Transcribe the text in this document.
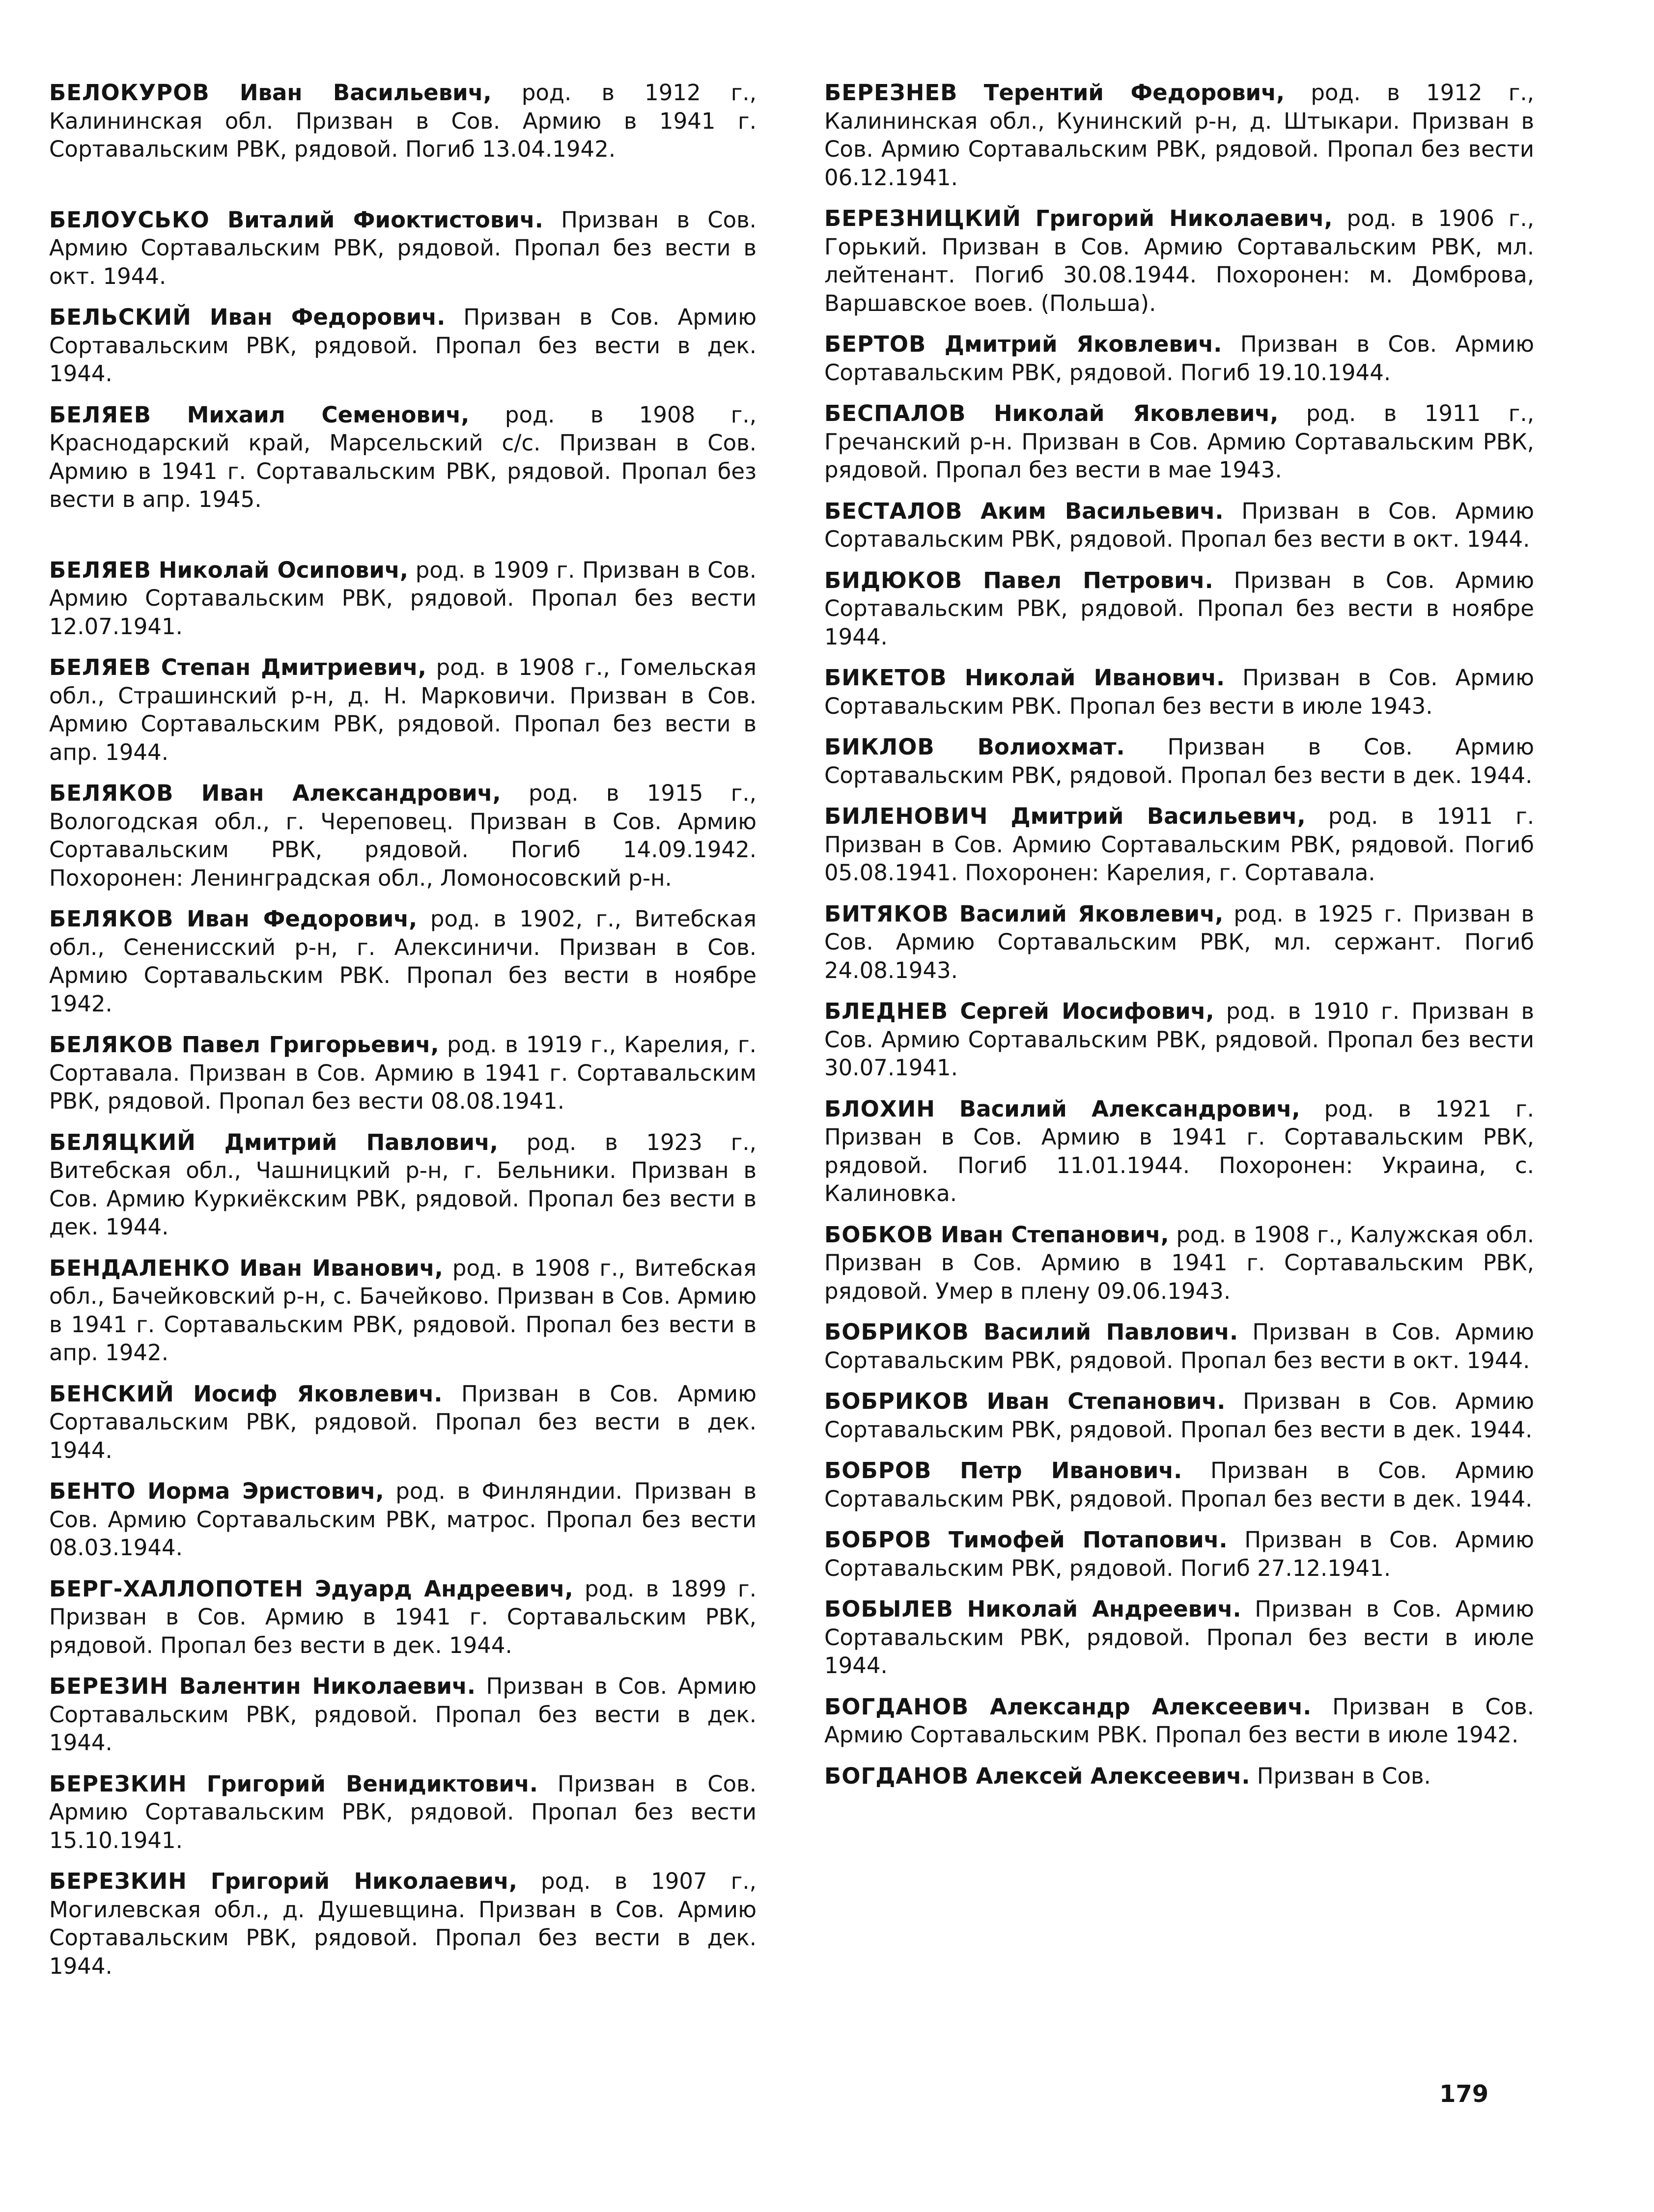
БЕЛОКУРОВ Иван Васильевич, род. в 1912 г., Калининская обл. Призван в Сов. Армию в 1941 г. Сортавальским РВК, рядовой. Погиб 13.04.1942.

БЕЛОУСЬКО Виталий Фиоктистович. Призван в Сов. Армию Сортавальским РВК, рядовой. Пропал без вести в окт. 1944.

БЕЛЬСКИЙ Иван Федорович. Призван в Сов. Армию Сортавальским РВК, рядовой. Пропал без вести в дек. 1944.

БЕЛЯЕВ Михаил Семенович, род. в 1908 г., Краснодарский край, Марсельский с/с. Призван в Сов. Армию в 1941 г. Сортавальским РВК, рядовой. Пропал без вести в апр. 1945.

БЕЛЯЕВ Николай Осипович, род. в 1909 г. Призван в Сов. Армию Сортавальским РВК, рядовой. Пропал без вести 12.07.1941.

БЕЛЯЕВ Степан Дмитриевич, род. в 1908 г., Гомельская обл., Страшинский р-н, д. Н. Марковичи. Призван в Сов. Армию Сортавальским РВК, рядовой. Пропал без вести в апр. 1944.

БЕЛЯКОВ Иван Александрович, род. в 1915 г., Вологодская обл., г. Череповец. Призван в Сов. Армию Сортавальским РВК, рядовой. Погиб 14.09.1942. Похоронен: Ленинградская обл., Ломоносовский р-н.

БЕЛЯКОВ Иван Федорович, род. в 1902, г., Витебская обл., Сененисский р-н, г. Алексиничи. Призван в Сов. Армию Сортавальским РВК. Пропал без вести в ноябре 1942.

БЕЛЯКОВ Павел Григорьевич, род. в 1919 г., Карелия, г. Сортавала. Призван в Сов. Армию в 1941 г. Сортавальским РВК, рядовой. Пропал без вести 08.08.1941.

БЕЛЯЦКИЙ Дмитрий Павлович, род. в 1923 г., Витебская обл., Чашницкий р-н, г. Бельники. Призван в Сов. Армию Куркиёкским РВК, рядовой. Пропал без вести в дек. 1944.

БЕНДАЛЕНКО Иван Иванович, род. в 1908 г., Витебская обл., Бачейковский р-н, с. Бачейково. Призван в Сов. Армию в 1941 г. Сортавальским РВК, рядовой. Пропал без вести в апр. 1942.

БЕНСКИЙ Иосиф Яковлевич. Призван в Сов. Армию Сортавальским РВК, рядовой. Пропал без вести в дек. 1944.

БЕНТО Иорма Эристович, род. в Финляндии. Призван в Сов. Армию Сортавальским РВК, матрос. Пропал без вести 08.03.1944.

БЕРГ-ХАЛЛОПОТЕН Эдуард Андреевич, род. в 1899 г. Призван в Сов. Армию в 1941 г. Сортавальским РВК, рядовой. Пропал без вести в дек. 1944.

БЕРЕЗИН Валентин Николаевич. Призван в Сов. Армию Сортавальским РВК, рядовой. Пропал без вести в дек. 1944.

БЕРЕЗКИН Григорий Венидиктович. Призван в Сов. Армию Сортавальским РВК, рядовой. Пропал без вести 15.10.1941.

БЕРЕЗКИН Григорий Николаевич, род. в 1907 г., Могилевская обл., д. Душевщина. Призван в Сов. Армию Сортавальским РВК, рядовой. Пропал без вести в дек. 1944.

БЕРЕЗНЕВ Терентий Федорович, род. в 1912 г., Калининская обл., Кунинский р-н, д. Штыкари. Призван в Сов. Армию Сортавальским РВК, рядовой. Пропал без вести 06.12.1941.

БЕРЕЗНИЦКИЙ Григорий Николаевич, род. в 1906 г., Горький. Призван в Сов. Армию Сортавальским РВК, мл. лейтенант. Погиб 30.08.1944. Похоронен: м. Домброва, Варшавское воев. (Польша).

БЕРТОВ Дмитрий Яковлевич. Призван в Сов. Армию Сортавальским РВК, рядовой. Погиб 19.10.1944.

БЕСПАЛОВ Николай Яковлевич, род. в 1911 г., Гречанский р-н. Призван в Сов. Армию Сортавальским РВК, рядовой. Пропал без вести в мае 1943.

БЕСТАЛОВ Аким Васильевич. Призван в Сов. Армию Сортавальским РВК, рядовой. Пропал без вести в окт. 1944.

БИДЮКОВ Павел Петрович. Призван в Сов. Армию Сортавальским РВК, рядовой. Пропал без вести в ноябре 1944.

БИКЕТОВ Николай Иванович. Призван в Сов. Армию Сортавальским РВК. Пропал без вести в июле 1943.

БИКЛОВ Волиохмат. Призван в Сов. Армию Сортавальским РВК, рядовой. Пропал без вести в дек. 1944.

БИЛЕНОВИЧ Дмитрий Васильевич, род. в 1911 г. Призван в Сов. Армию Сортавальским РВК, рядовой. Погиб 05.08.1941. Похоронен: Карелия, г. Сортавала.

БИТЯКОВ Василий Яковлевич, род. в 1925 г. Призван в Сов. Армию Сортавальским РВК, мл. сержант. Погиб 24.08.1943.

БЛЕДНЕВ Сергей Иосифович, род. в 1910 г. Призван в Сов. Армию Сортавальским РВК, рядовой. Пропал без вести 30.07.1941.

БЛОХИН Василий Александрович, род. в 1921 г. Призван в Сов. Армию в 1941 г. Сортавальским РВК, рядовой. Погиб 11.01.1944. Похоронен: Украина, с. Калиновка.

БОБКОВ Иван Степанович, род. в 1908 г., Калужская обл. Призван в Сов. Армию в 1941 г. Сортавальским РВК, рядовой. Умер в плену 09.06.1943.

БОБРИКОВ Василий Павлович. Призван в Сов. Армию Сортавальским РВК, рядовой. Пропал без вести в окт. 1944.

БОБРИКОВ Иван Степанович. Призван в Сов. Армию Сортавальским РВК, рядовой. Пропал без вести в дек. 1944.

БОБРОВ Петр Иванович. Призван в Сов. Армию Сортавальским РВК, рядовой. Пропал без вести в дек. 1944.

БОБРОВ Тимофей Потапович. Призван в Сов. Армию Сортавальским РВК, рядовой. Погиб 27.12.1941.

БОБЫЛЕВ Николай Андреевич. Призван в Сов. Армию Сортавальским РВК, рядовой. Пропал без вести в июле 1944.

БОГДАНОВ Александр Алексеевич. Призван в Сов. Армию Сортавальским РВК. Пропал без вести в июле 1942.

БОГДАНОВ Алексей Алексеевич. Призван в Сов.

179
